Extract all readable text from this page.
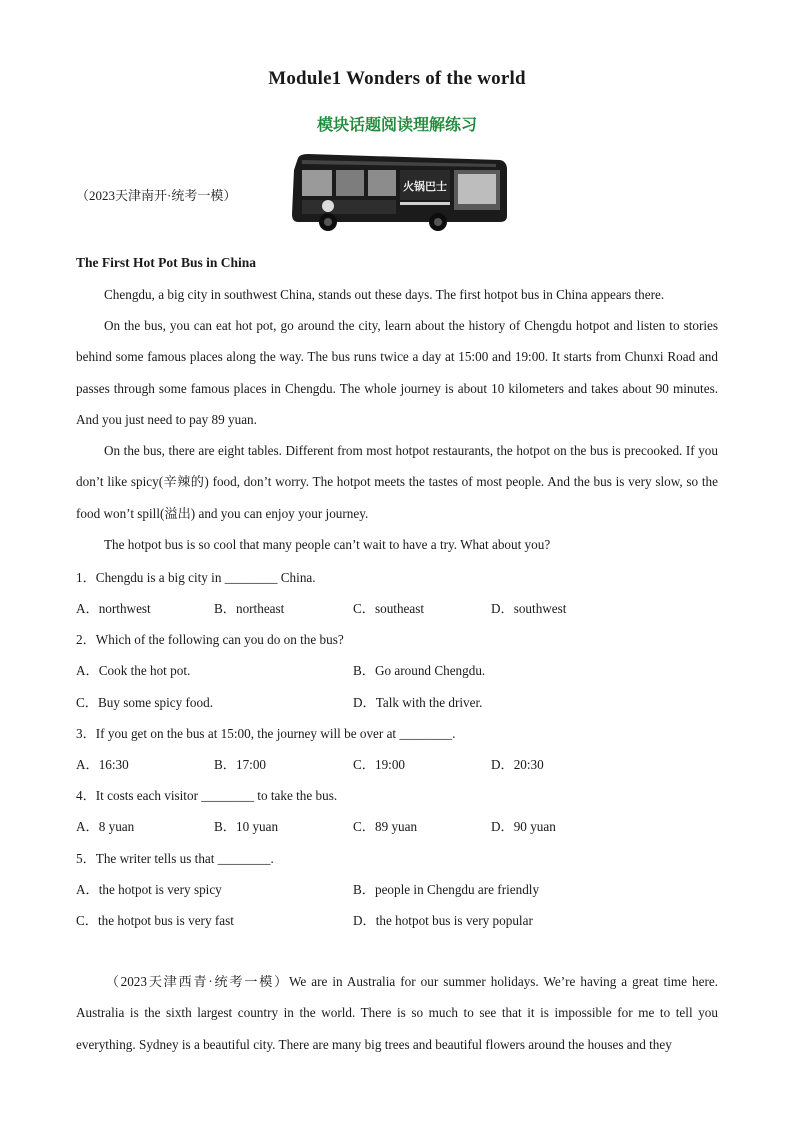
Module1 Wonders of the world
模块话题阅读理解练习
（2023天津南开·统考一模）
火锅巴士
The First Hot Pot Bus in China
Chengdu, a big city in southwest China, stands out these days. The first hotpot bus in China appears there.
On the bus, you can eat hot pot, go around the city, learn about the history of Chengdu hotpot and listen to stories behind some famous places along the way. The bus runs twice a day at 15:00 and 19:00. It starts from Chunxi Road and passes through some famous places in Chengdu. The whole journey is about 10 kilometers and takes about 90 minutes. And you just need to pay 89 yuan.
On the bus, there are eight tables. Different from most hotpot restaurants, the hotpot on the bus is precooked. If you don’t like spicy(辛辣的) food, don’t worry. The hotpot meets the tastes of most people. And the bus is very slow, so the food won’t spill(溢出) and you can enjoy your journey.
The hotpot bus is so cool that many people can’t wait to have a try. What about you?
1．Chengdu is a big city in ________ China.
A．northwest	B．northeast	C．southeast	D．southwest
2．Which of the following can you do on the bus?
A．Cook the hot pot.	B．Go around Chengdu.
C．Buy some spicy food.	D．Talk with the driver.
3．If you get on the bus at 15:00, the journey will be over at ________.
A．16:30	B．17:00	C．19:00	D．20:30
4．It costs each visitor ________ to take the bus.
A．8 yuan	B．10 yuan	C．89 yuan	D．90 yuan
5．The writer tells us that ________.
A．the hotpot is very spicy	B．people in Chengdu are friendly
C．the hotpot bus is very fast	D．the hotpot bus is very popular
（2023天津西青·统考一模）We are in Australia for our summer holidays. We’re having a great time here. Australia is the sixth largest country in the world. There is so much to see that it is impossible for me to tell you everything. Sydney is a beautiful city. There are many big trees and beautiful flowers around the houses and they
